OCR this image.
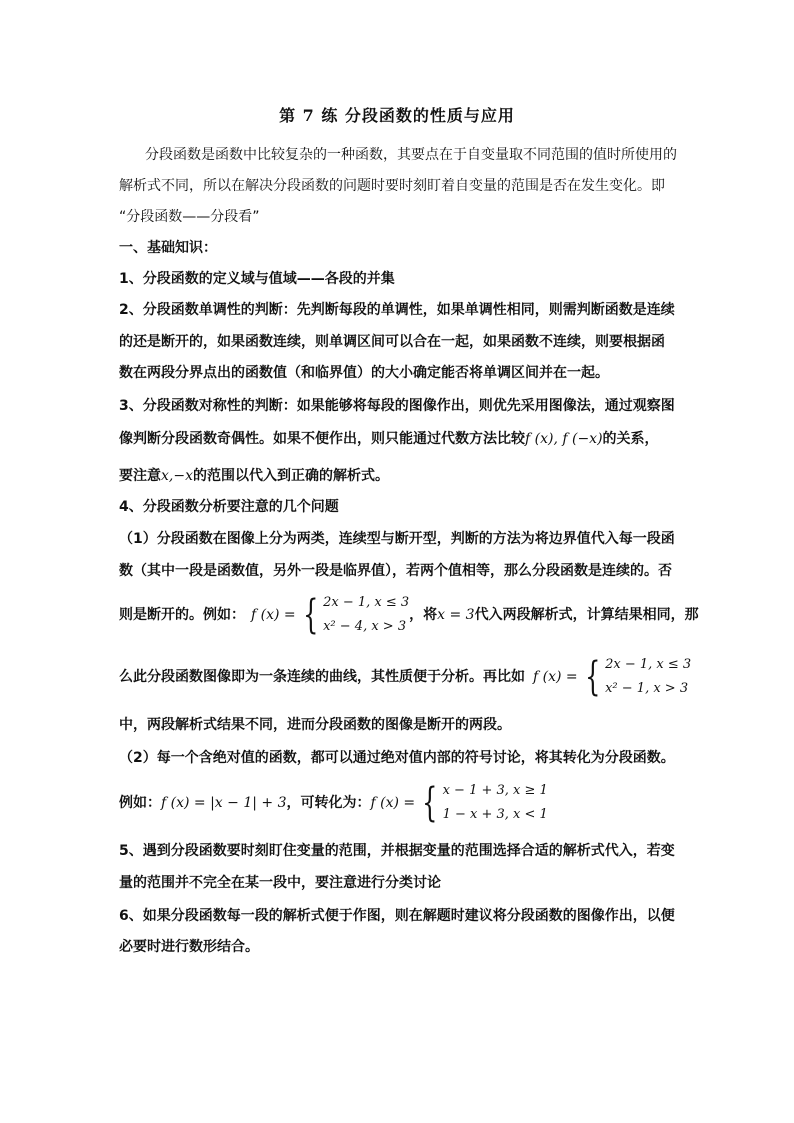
第 7 练 分段函数的性质与应用
分段函数是函数中比较复杂的一种函数，其要点在于自变量取不同范围的值时所使用的
解析式不同，所以在解决分段函数的问题时要时刻盯着自变量的范围是否在发生变化。即
“分段函数——分段看”
一、基础知识：
1、分段函数的定义域与值域——各段的并集
2、分段函数单调性的判断：先判断每段的单调性，如果单调性相同，则需判断函数是连续
的还是断开的，如果函数连续，则单调区间可以合在一起，如果函数不连续，则要根据函
数在两段分界点出的函数值（和临界值）的大小确定能否将单调区间并在一起。
3、分段函数对称性的判断：如果能够将每段的图像作出，则优先采用图像法，通过观察图
像判断分段函数奇偶性。如果不便作出，则只能通过代数方法比较f (x), f (−x)的关系，
要注意x,−x的范围以代入到正确的解析式。
4、分段函数分析要注意的几个问题
（1）分段函数在图像上分为两类，连续型与断开型，判断的方法为将边界值代入每一段函
数（其中一段是函数值，另外一段是临界值），若两个值相等，那么分段函数是连续的。否
则是断开的。例如： f (x) = { 2x − 1, x ≤ 3
x² − 4, x > 3
，将 x = 3 代入两段解析式，计算结果相同，那
么此分段函数图像即为一条连续的曲线，其性质便于分析。再比如 f (x) = { 2x − 1, x ≤ 3
x² − 1, x > 3
中，两段解析式结果不同，进而分段函数的图像是断开的两段。
（2）每一个含绝对值的函数，都可以通过绝对值内部的符号讨论，将其转化为分段函数。
例如： f (x) = |x − 1| + 3 ，可转化为： f (x) = { x − 1 + 3, x ≥ 1
1 − x + 3, x < 1
5、遇到分段函数要时刻盯住变量的范围，并根据变量的范围选择合适的解析式代入，若变
量的范围并不完全在某一段中，要注意进行分类讨论
6、如果分段函数每一段的解析式便于作图，则在解题时建议将分段函数的图像作出，以便
必要时进行数形结合。
